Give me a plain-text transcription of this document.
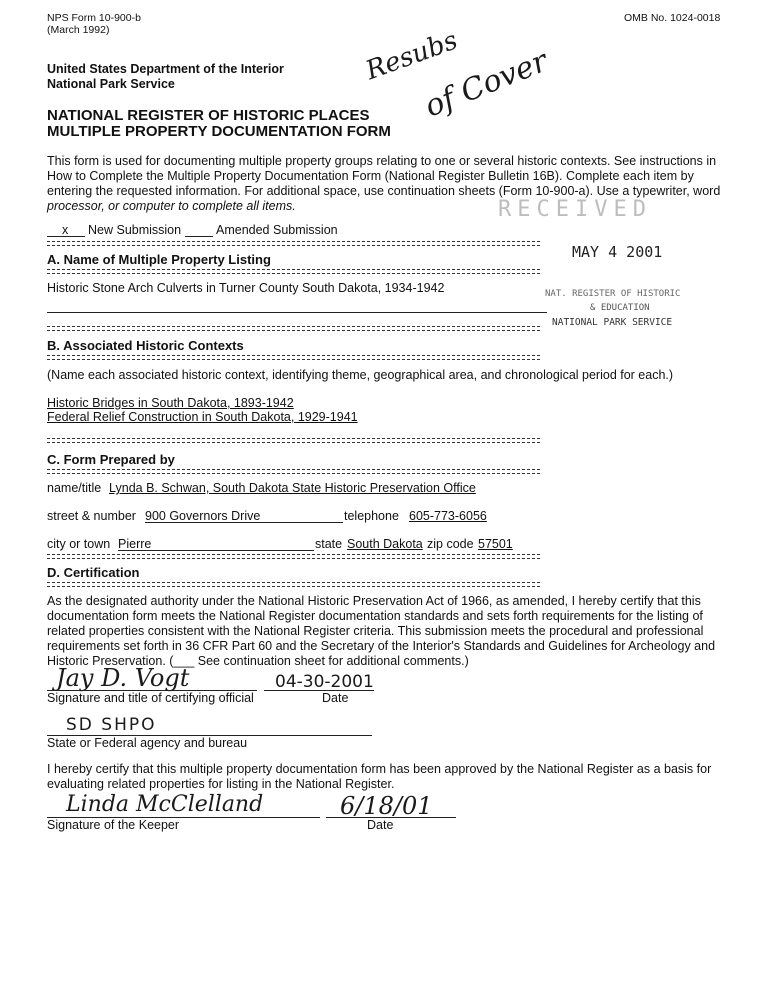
NPS Form 10-900-b
(March 1992)
OMB No. 1024-0018
United States Department of the Interior
National Park Service
NATIONAL REGISTER OF HISTORIC PLACES
MULTIPLE PROPERTY DOCUMENTATION FORM
Resubs
of Cover
This form is used for documenting multiple property groups relating to one or several historic contexts. See instructions in
How to Complete the Multiple Property Documentation Form (National Register Bulletin 16B). Complete each item by
entering the requested information. For additional space, use continuation sheets (Form 10-900-a). Use a typewriter, word
processor, or computer to complete all items.	RECEIVED
MAY 4 2001
NAT. REGISTER OF HISTORIC
& EDUCATION
NATIONAL PARK SERVICE
x New Submission	Amended Submission
A. Name of Multiple Property Listing
Historic Stone Arch Culverts in Turner County South Dakota, 1934-1942
B. Associated Historic Contexts
(Name each associated historic context, identifying theme, geographical area, and chronological period for each.)
Historic Bridges in South Dakota, 1893-1942
Federal Relief Construction in South Dakota, 1929-1941
C. Form Prepared by
name/title Lynda B. Schwan, South Dakota State Historic Preservation Office
street & number 900 Governors Drive	telephone 605-773-6056
city or town Pierre	state South Dakota zip code 57501
D. Certification
As the designated authority under the National Historic Preservation Act of 1966, as amended, I hereby certify that this
documentation form meets the National Register documentation standards and sets forth requirements for the listing of
related properties consistent with the National Register criteria. This submission meets the procedural and professional
requirements set forth in 36 CFR Part 60 and the Secretary of the Interior's Standards and Guidelines for Archeology and
Historic Preservation. (___ See continuation sheet for additional comments.)
Jay D. Vogt	04-30-2001
Signature and title of certifying official	Date
SD SHPO
State or Federal agency and bureau
I hereby certify that this multiple property documentation form has been approved by the National Register as a basis for
evaluating related properties for listing in the National Register.
Linda McClelland	6/18/01
Signature of the Keeper	Date
